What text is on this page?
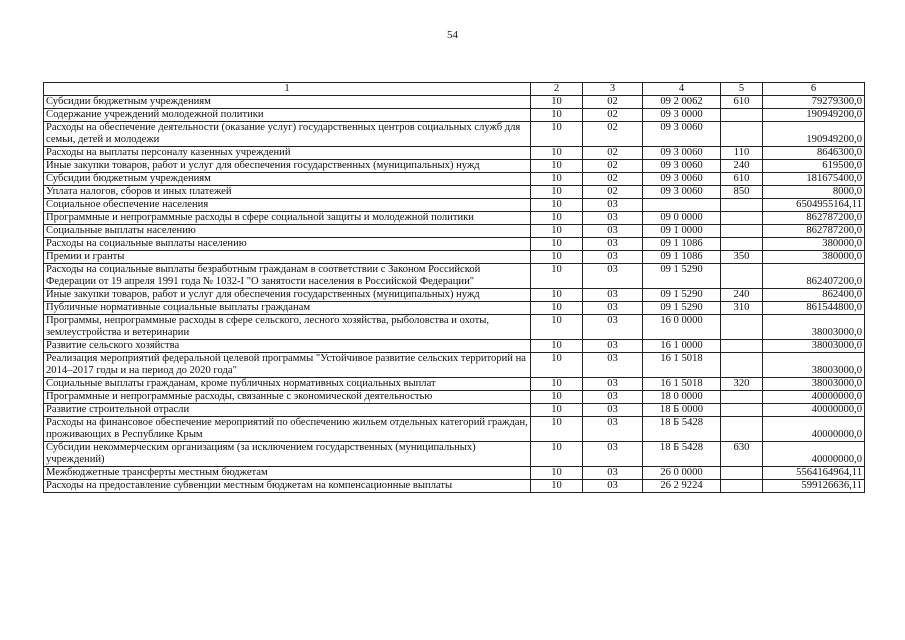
54
1	2	3	4	5	6
Субсидии бюджетным учреждениям	10	02	09 2 0062	610	79279300,0
Содержание учреждений молодежной политики	10	02	09 3 0000		190949200,0
Расходы на обеспечение деятельности (оказание услуг) государственных центров социальных служб для семьи, детей и молодежи	10	02	09 3 0060		190949200,0
Расходы на выплаты персоналу казенных учреждений	10	02	09 3 0060	110	8646300,0
Иные закупки товаров, работ и услуг для обеспечения государственных (муниципальных) нужд	10	02	09 3 0060	240	619500,0
Субсидии бюджетным учреждениям	10	02	09 3 0060	610	181675400,0
Уплата налогов, сборов и иных платежей	10	02	09 3 0060	850	8000,0
Социальное обеспечение населения	10	03			6504955164,11
Программные и непрограммные расходы в сфере социальной защиты и молодежной политики	10	03	09 0 0000		862787200,0
Социальные выплаты населению	10	03	09 1 0000		862787200,0
Расходы на социальные выплаты населению	10	03	09 1 1086		380000,0
Премии и гранты	10	03	09 1 1086	350	380000,0
Расходы на социальные выплаты безработным гражданам в соответствии с Законом Российской Федерации от 19 апреля 1991 года № 1032-I "О занятости населения в Российской Федерации"	10	03	09 1 5290		862407200,0
Иные закупки товаров, работ и услуг для обеспечения государственных (муниципальных) нужд	10	03	09 1 5290	240	862400,0
Публичные нормативные социальные выплаты гражданам	10	03	09 1 5290	310	861544800,0
Программы, непрограммные расходы в сфере сельского, лесного хозяйства, рыболовства и охоты, землеустройства и ветеринарии	10	03	16 0 0000		38003000,0
Развитие сельского хозяйства	10	03	16 1 0000		38003000,0
Реализация мероприятий федеральной целевой программы "Устойчивое развитие сельских территорий на 2014–2017 годы и на период до 2020 года"	10	03	16 1 5018		38003000,0
Социальные выплаты гражданам, кроме публичных нормативных социальных выплат	10	03	16 1 5018	320	38003000,0
Программные и непрограммные расходы, связанные с экономической деятельностью	10	03	18 0 0000		40000000,0
Развитие строительной отрасли	10	03	18 Б 0000		40000000,0
Расходы на финансовое обеспечение мероприятий по обеспечению жильем отдельных категорий граждан, проживающих в Республике Крым	10	03	18 Б 5428		40000000,0
Субсидии некоммерческим организациям (за исключением государственных (муниципальных) учреждений)	10	03	18 Б 5428	630	40000000,0
Межбюджетные трансферты местным бюджетам	10	03	26 0 0000		5564164964,11
Расходы на предоставление субвенции местным бюджетам на компенсационные выплаты	10	03	26 2 9224		599126636,11
